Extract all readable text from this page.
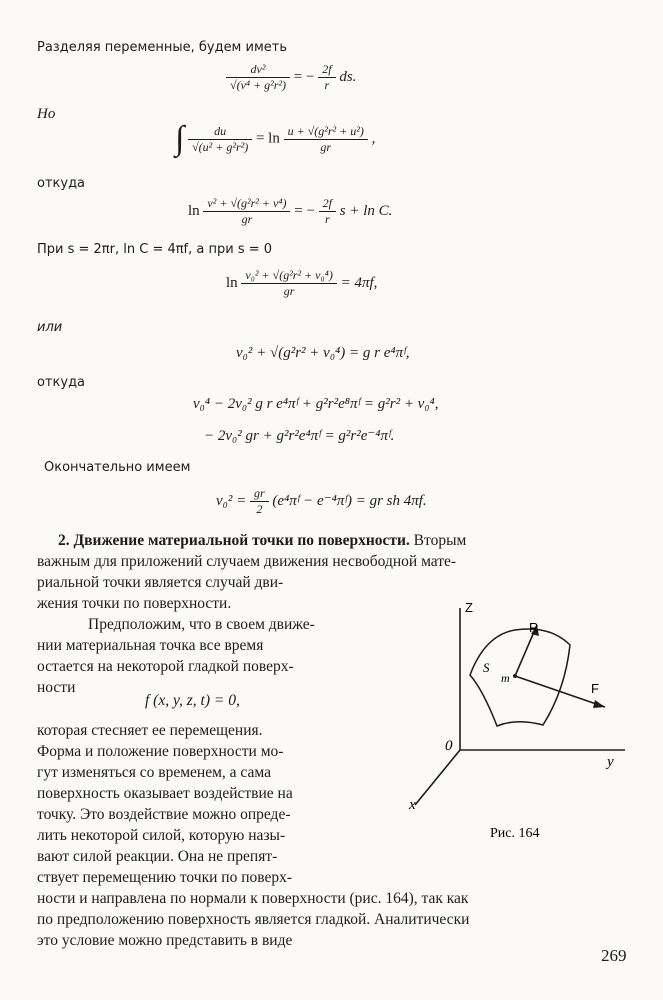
Разделяя переменные, будем иметь
$\frac{\text{dv²}}{\text{√(v⁴ + g²r²)}}$ = − $\frac{2f}{r}$ ds.
Но
∫ $\frac{du}{\text{√(u² + g²r²)}} = \ln \frac{\text{u + √(g²r² + u²)}}{gr}$ ,
откуда
$\ln \frac{\text{v² + √(g²r² + v⁴)}}{gr}$ = − $\frac{2f}{r}$ s + ln C.
При s = 2πr, ln C = 4πf, а при s = 0
$\ln \frac{\text{v₀² + √(g²r² + v₀⁴)}}{gr} = 4\pi f$,
или
v₀² + √(g²r² + v₀⁴) = g r e⁴πᶠ,
откуда
v₀⁴ − 2v₀² g r e⁴πᶠ + g²r²e⁸πᶠ = g²r² + v₀⁴,
− 2v₀² gr + g²r²e⁴πᶠ = g²r²e⁻⁴πᶠ.
Окончательно имеем
$v_0^2 = \frac{gr}{2}$ (e⁴πᶠ − e⁻⁴πᶠ) = gr sh 4πf.
2. Движение материальной точки по поверхности. Вторым
важным для приложений случаем движения несвободной мате-
риальной точки является случай дви-
жения точки по поверхности.
Предположим, что в своем движе-
нии материальная точка все время
остается на некоторой гладкой поверх-
ности
f (x, y, z, t) = 0,
которая стесняет ее перемещения.
Форма и положение поверхности мо-
гут изменяться со временем, а сама
поверхность оказывает воздействие на
точку. Это воздействие можно опреде-
лить некоторой силой, которую назы-
вают силой реакции. Она не препят-
ствует перемещению точки по поверх-
ности и направлена по нормали к поверхности (рис. 164), так как
по предположению поверхность является гладкой. Аналитически
это условие можно представить в виде
Z
y
x
0
R
F
S
m
Рис. 164
269
